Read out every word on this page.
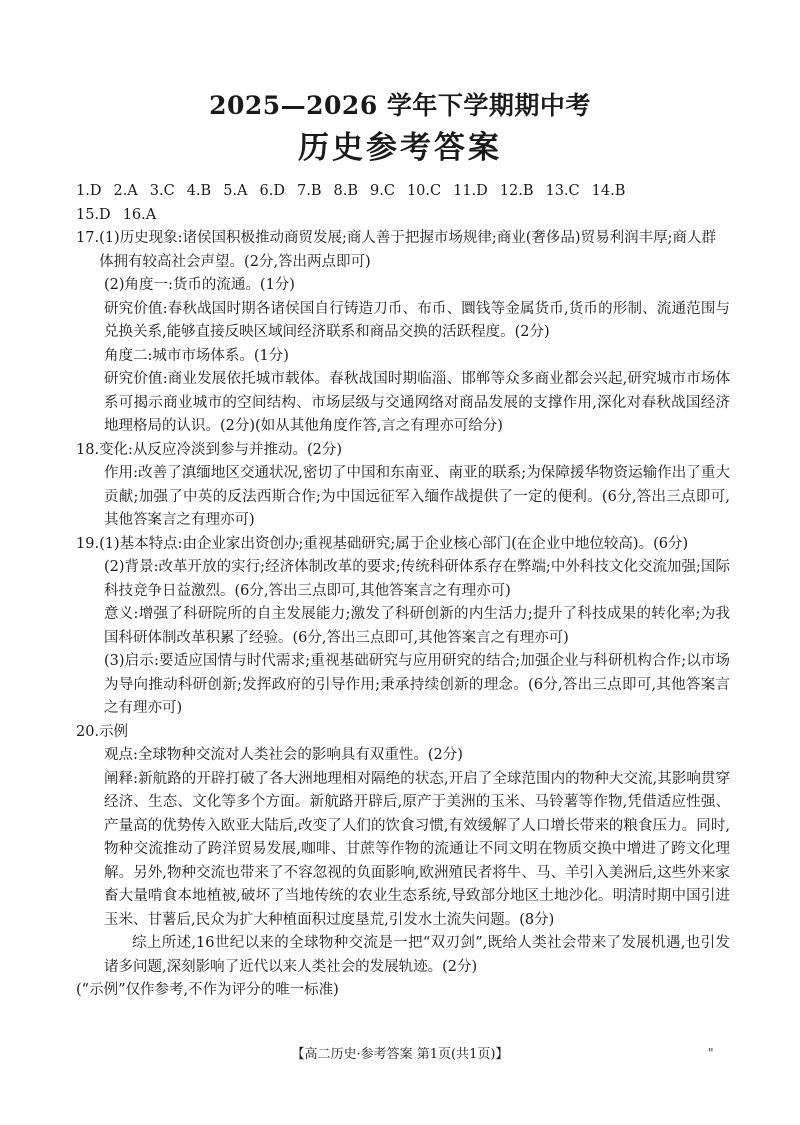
2025—2026 学年下学期期中考
历史参考答案
1.D 2.A 3.C 4.B 5.A 6.D 7.B 8.B 9.C 10.C 11.D 12.B 13.C 14.B
15.D 16.A
17. (1)历史现象:诸侯国积极推动商贸发展;商人善于把握市场规律;商业(奢侈品)贸易利润丰厚;商人群体拥有较高社会声望。(2分,答出两点即可)
(2)角度一:货币的流通。(1分)
研究价值:春秋战国时期各诸侯国自行铸造刀币、布币、圜钱等金属货币,货币的形制、流通范围与兑换关系,能够直接反映区域间经济联系和商品交换的活跃程度。(2分)
角度二:城市市场体系。(1分)
研究价值:商业发展依托城市载体。春秋战国时期临淄、邯郸等众多商业都会兴起,研究城市市场体系可揭示商业城市的空间结构、市场层级与交通网络对商品发展的支撑作用,深化对春秋战国经济地理格局的认识。(2分)(如从其他角度作答,言之有理亦可给分)
18. 变化:从反应冷淡到参与并推动。(2分)
作用:改善了滇缅地区交通状况,密切了中国和东南亚、南亚的联系;为保障援华物资运输作出了重大贡献;加强了中英的反法西斯合作;为中国远征军入缅作战提供了一定的便利。(6分,答出三点即可,其他答案言之有理亦可)
19. (1)基本特点:由企业家出资创办;重视基础研究;属于企业核心部门(在企业中地位较高)。(6分)
(2)背景:改革开放的实行;经济体制改革的要求;传统科研体系存在弊端;中外科技文化交流加强;国际科技竞争日益激烈。(6分,答出三点即可,其他答案言之有理亦可)
意义:增强了科研院所的自主发展能力;激发了科研创新的内生活力;提升了科技成果的转化率;为我国科研体制改革积累了经验。(6分,答出三点即可,其他答案言之有理亦可)
(3)启示:要适应国情与时代需求;重视基础研究与应用研究的结合;加强企业与科研机构合作;以市场为导向推动科研创新;发挥政府的引导作用;秉承持续创新的理念。(6分,答出三点即可,其他答案言之有理亦可)
20. 示例
观点:全球物种交流对人类社会的影响具有双重性。(2分)
阐释:新航路的开辟打破了各大洲地理相对隔绝的状态,开启了全球范围内的物种大交流,其影响贯穿经济、生态、文化等多个方面。新航路开辟后,原产于美洲的玉米、马铃薯等作物,凭借适应性强、产量高的优势传入欧亚大陆后,改变了人们的饮食习惯,有效缓解了人口增长带来的粮食压力。同时,物种交流推动了跨洋贸易发展,咖啡、甘蔗等作物的流通让不同文明在物质交换中增进了跨文化理解。另外,物种交流也带来了不容忽视的负面影响,欧洲殖民者将牛、马、羊引入美洲后,这些外来家畜大量啃食本地植被,破坏了当地传统的农业生态系统,导致部分地区土地沙化。明清时期中国引进玉米、甘薯后,民众为扩大种植面积过度垦荒,引发水土流失问题。(8分)
综上所述,16世纪以来的全球物种交流是一把“双刃剑”,既给人类社会带来了发展机遇,也引发诸多问题,深刻影响了近代以来人类社会的发展轨迹。(2分)
(“示例”仅作参考,不作为评分的唯一标准)
【高二历史·参考答案 第1页(共1页)】	"
